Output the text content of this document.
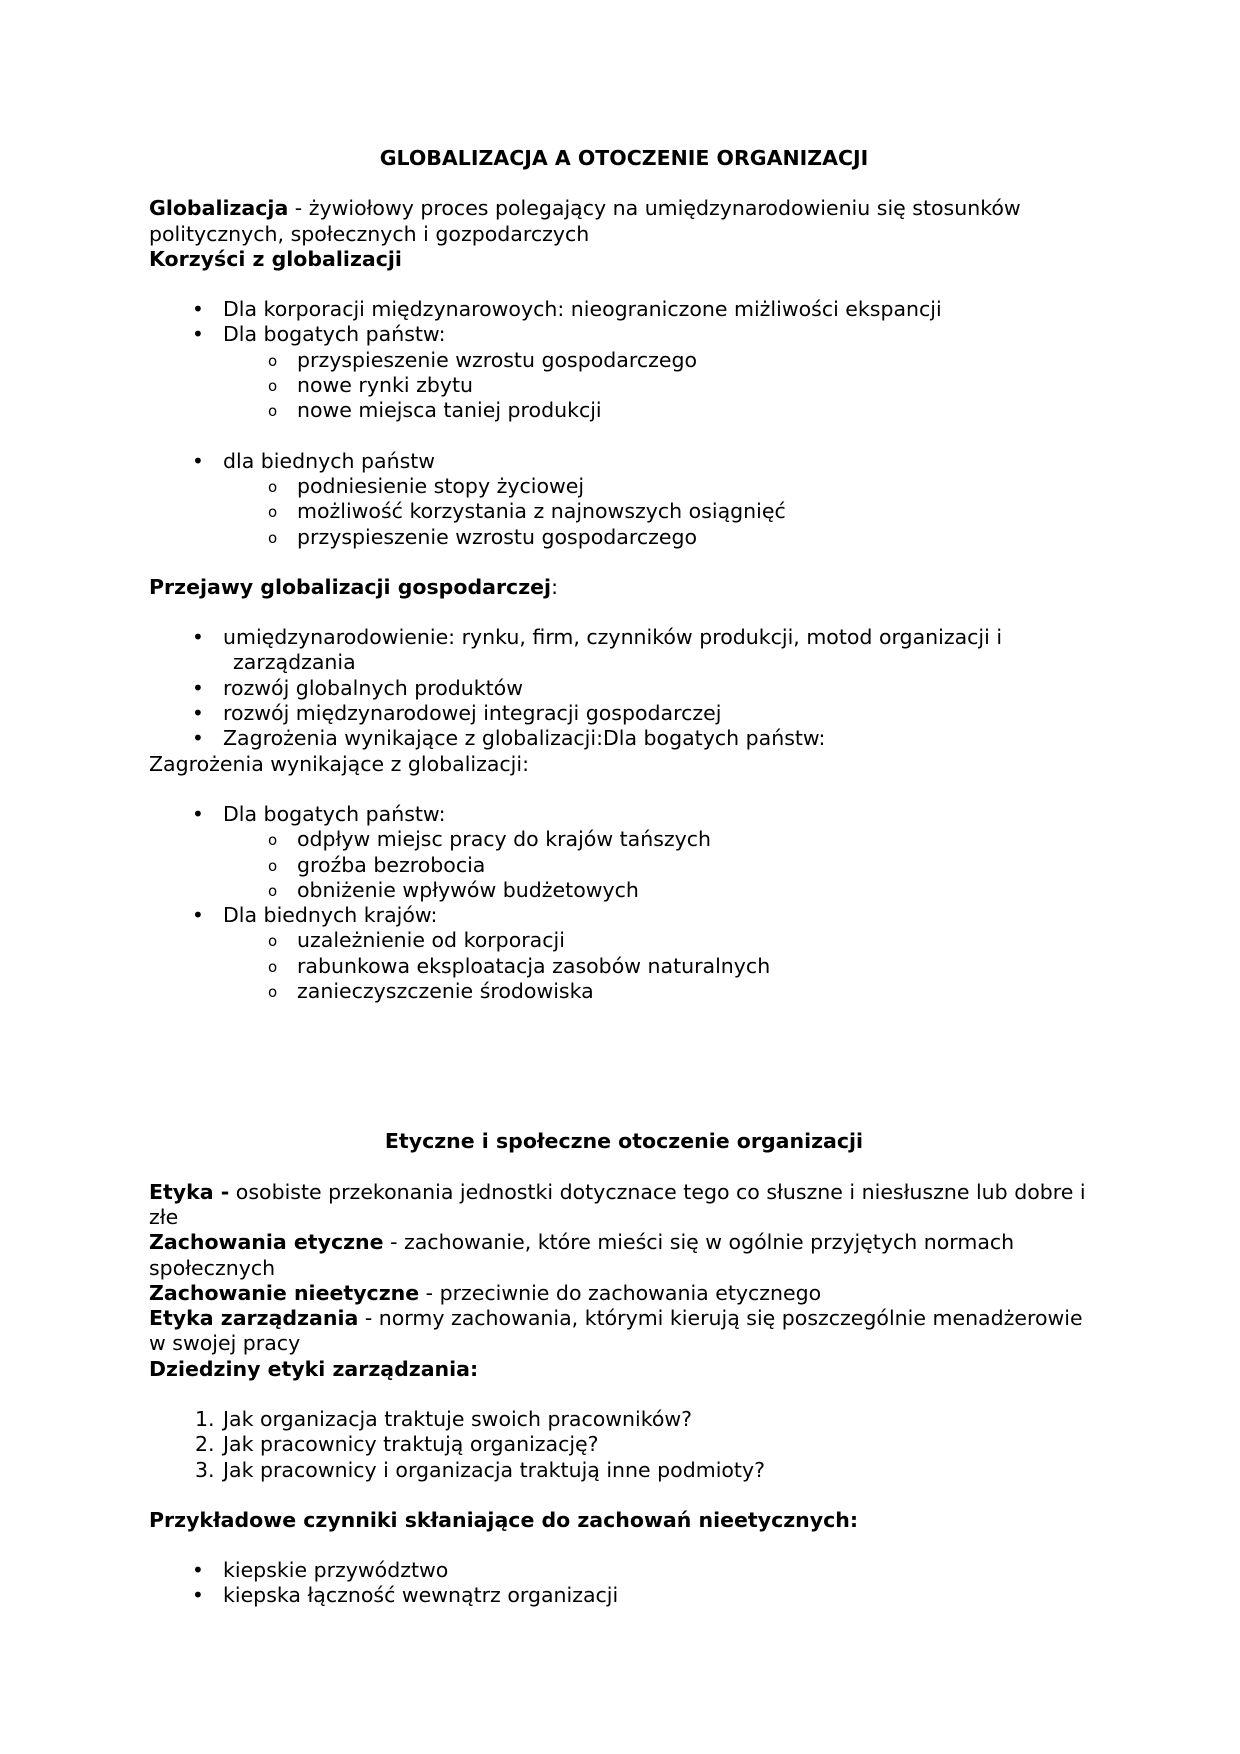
GLOBALIZACJA A OTOCZENIE ORGANIZACJI

Globalizacja - żywiołowy proces polegający na umiędzynarodowieniu się stosunków politycznych, społecznych i gozpodarczych

Korzyści z globalizacji

• Dla korporacji międzynarowoych: nieograniczone miżliwości ekspancji
• Dla bogatych państw:
o przyspieszenie wzrostu gospodarczego
o nowe rynki zbytu
o nowe miejsca taniej produkcji
• dla biednych państw
o podniesienie stopy życiowej
o możliwość korzystania z najnowszych osiągnięć
o przyspieszenie wzrostu gospodarczego

Przejawy globalizacji gospodarczej:

• umiędzynarodowienie: rynku, firm, czynników produkcji, motod organizacji i
zarządzania
• rozwój globalnych produktów
• rozwój międzynarodowej integracji gospodarczej
• Zagrożenia wynikające z globalizacji:Dla bogatych państw:

Zagrożenia wynikające z globalizacji:

• Dla bogatych państw:
o odpływ miejsc pracy do krajów tańszych
o groźba bezrobocia
o obniżenie wpływów budżetowych
• Dla biednych krajów:
o uzależnienie od korporacji
o rabunkowa eksploatacja zasobów naturalnych
o zanieczyszczenie środowiska

Etyczne i społeczne otoczenie organizacji

Etyka - osobiste przekonania jednostki dotycznace tego co słuszne i niesłuszne lub dobre i złe

Zachowania etyczne - zachowanie, które mieści się w ogólnie przyjętych normach społecznych

Zachowanie nieetyczne - przeciwnie do zachowania etycznego

Etyka zarządzania - normy zachowania, którymi kierują się poszczególnie menadżerowie w swojej pracy

Dziedziny etyki zarządzania:

1. Jak organizacja traktuje swoich pracowników?
2. Jak pracownicy traktują organizację?
3. Jak pracownicy i organizacja traktują inne podmioty?

Przykładowe czynniki skłaniające do zachowań nieetycznych:

• kiepskie przywództwo
• kiepska łączność wewnątrz organizacji
